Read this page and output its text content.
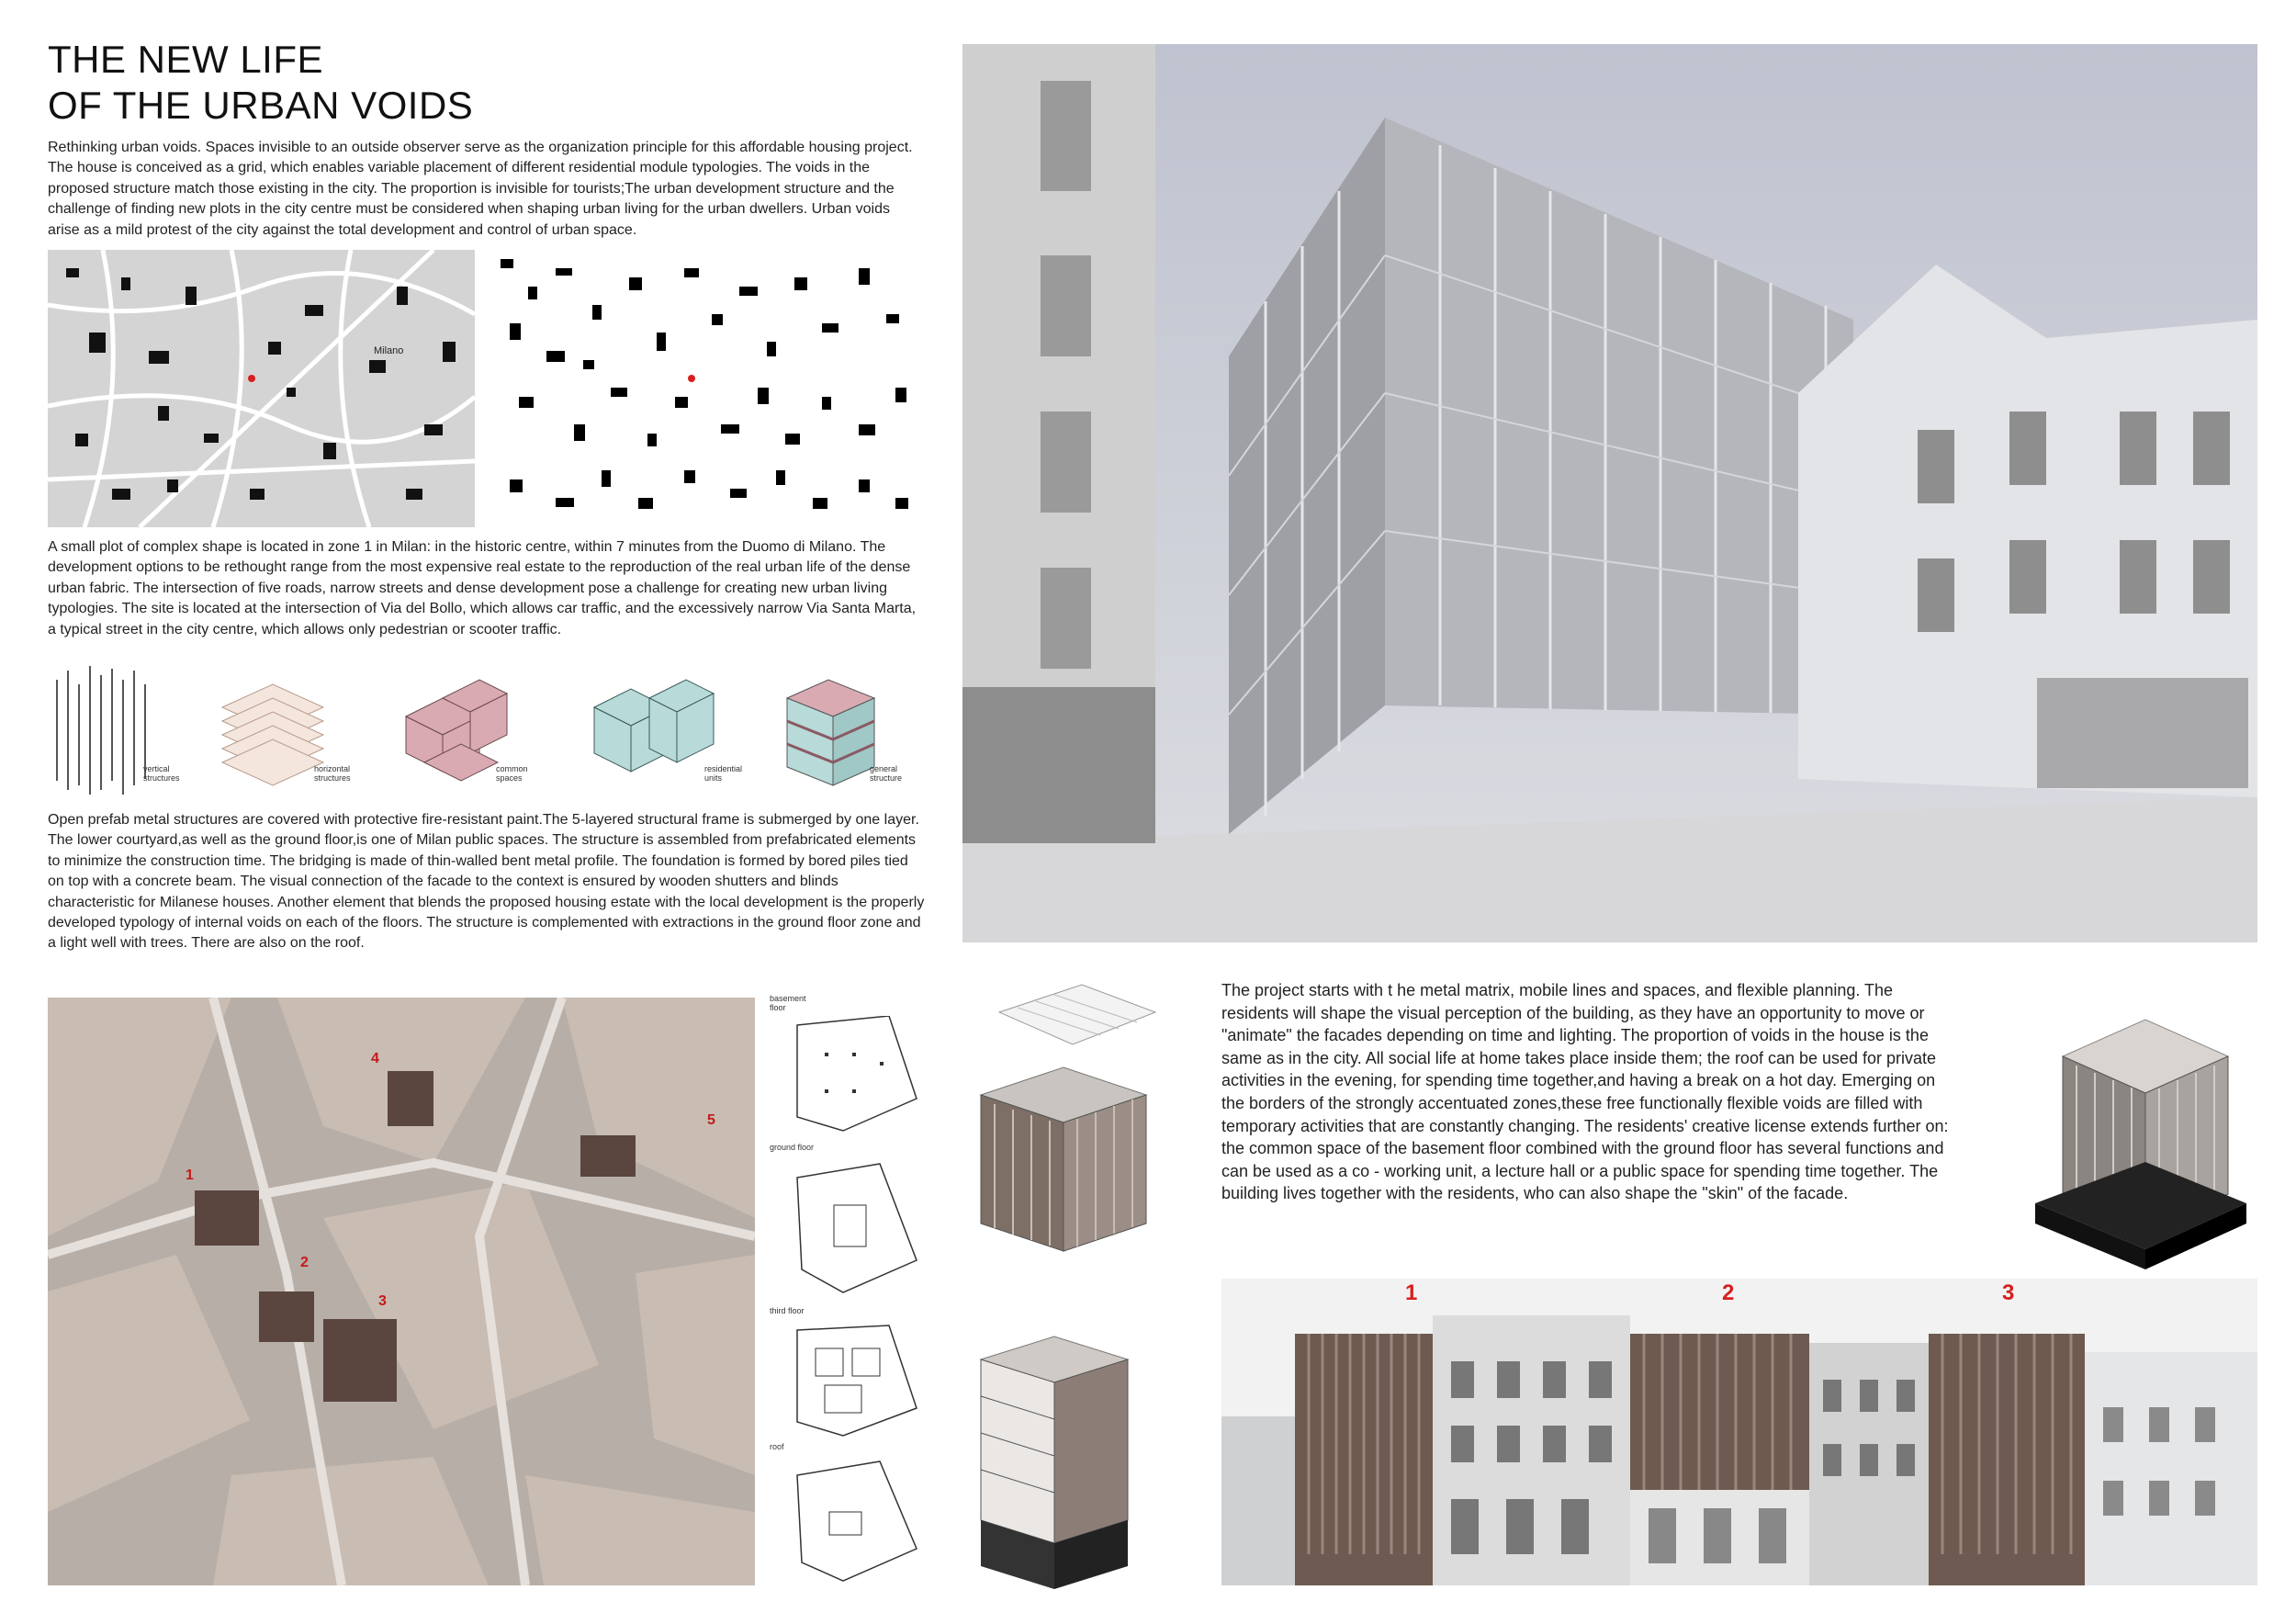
THE NEW LIFE
OF THE URBAN VOIDS

Rethinking urban voids. Spaces invisible to an outside observer serve as the organization principle for this affordable housing project. The house is conceived as a grid, which enables variable placement of different residential module typologies. The voids in the proposed structure match those existing in the city. The proportion is invisible for tourists;The urban development structure and the challenge of finding new plots in the city centre must be considered when shaping urban living for the urban dwellers. Urban voids arise as a mild protest of the city against the total development and control of urban space.

Milano

A small plot of complex shape is located in zone 1 in Milan: in the historic centre, within 7 minutes from the Duomo di Milano. The development options to be rethought range from the most expensive real estate to the reproduction of the real urban life of the dense urban fabric. The intersection of five roads, narrow streets and dense development pose a challenge for creating new urban living typologies. The site is located at the intersection of Via del Bollo, which allows car traffic, and the excessively narrow Via Santa Marta, a typical street in the city centre, which allows only pedestrian or scooter traffic.

vertical
structures
horizontal
structures
common
spaces
residential
units
general
structure

Open prefab metal structures are covered with protective fire-resistant paint.The 5-layered structural frame is submerged by one layer. The lower courtyard,as well as the ground floor,is one of Milan public spaces. The structure is assembled from prefabricated elements to minimize the construction time. The bridging is made of thin-walled bent metal profile. The foundation is formed by bored piles tied on top with a concrete beam. The visual connection of the facade to the context is ensured by wooden shutters and blinds characteristic for Milanese houses. Another element that blends the proposed housing estate with the local development is the properly developed typology of internal voids on each of the floors. The structure is complemented with extractions in the ground floor zone and a light well with trees. There are also on the roof.

1
2
3
4
5
basement
floor
ground floor
third floor
roof

The project starts with t he metal matrix, mobile lines and spaces, and flexible planning. The residents will shape the visual perception of the building, as they have an opportunity to move or "animate" the facades depending on time and lighting. The proportion of voids in the house is the same as in the city. All social life at home takes place inside them; the roof can be used for private activities in the evening, for spending time together,and having a break on a hot day. Emerging on the borders of the strongly accentuated zones,these free functionally flexible voids are filled with temporary activities that are constantly changing. The residents' creative license extends further on: the common space of the basement floor combined with the ground floor has several functions and can be used as a co - working unit, a lecture hall or a public space for spending time together. The building lives together with the residents, who can also shape the "skin" of the facade.

1	2	3
